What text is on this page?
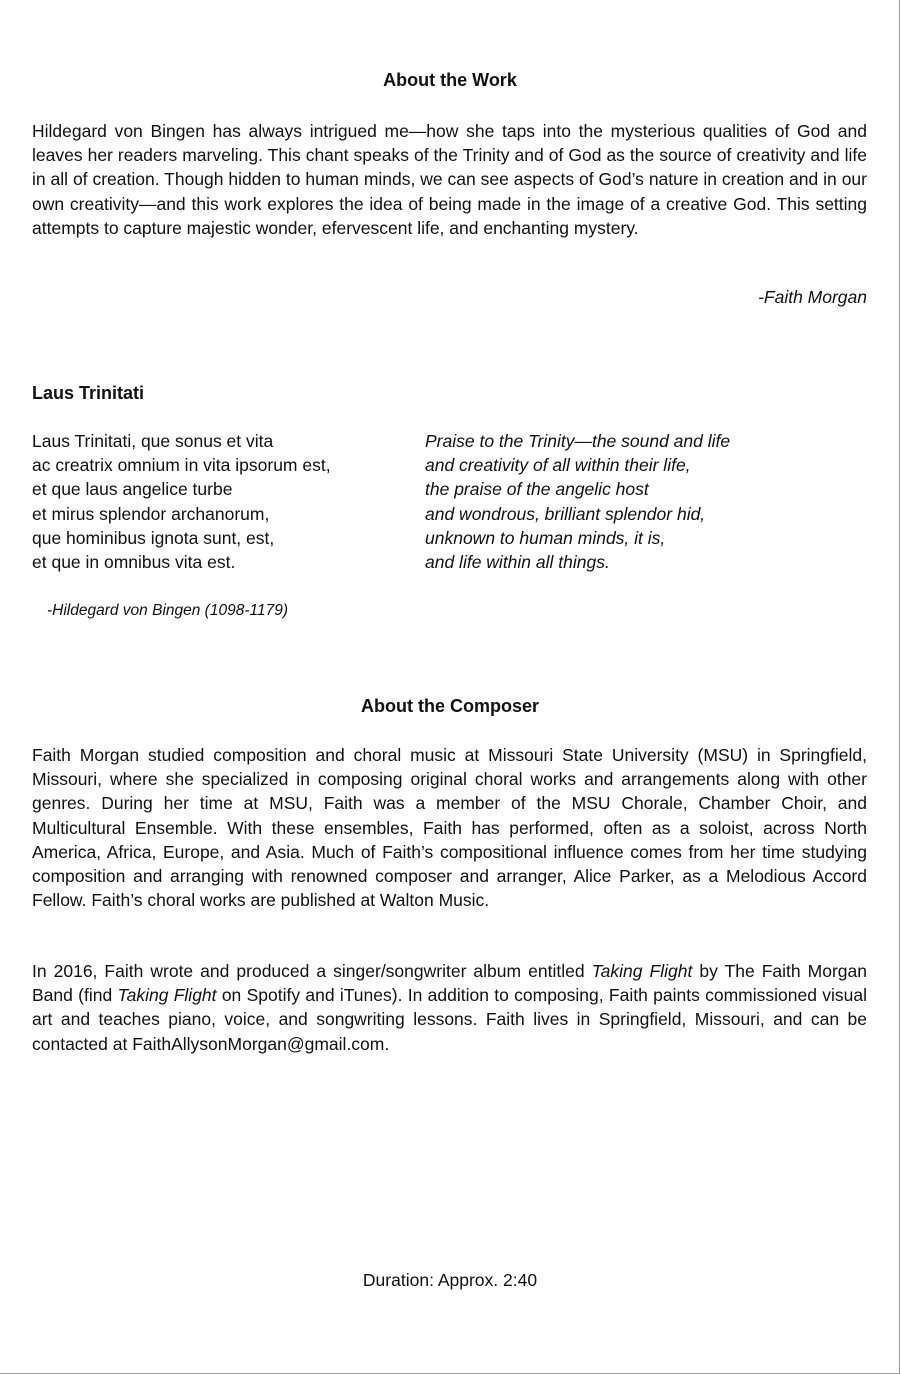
About the Work

Hildegard von Bingen has always intrigued me—how she taps into the mysterious qualities of God and leaves her readers marveling. This chant speaks of the Trinity and of God as the source of creativity and life in all of creation. Though hidden to human minds, we can see aspects of God’s nature in creation and in our own creativity—and this work explores the idea of being made in the image of a creative God. This setting attempts to capture majestic wonder, efervescent life, and enchanting mystery.

-Faith Morgan

Laus Trinitati
Laus Trinitati, que sonus et vita
ac creatrix omnium in vita ipsorum est,
et que laus angelice turbe
et mirus splendor archanorum,
que hominibus ignota sunt, est,
et que in omnibus vita est.
Praise to the Trinity—the sound and life
and creativity of all within their life,
the praise of the angelic host
and wondrous, brilliant splendor hid,
unknown to human minds, it is,
and life within all things.

-Hildegard von Bingen (1098-1179)

About the Composer

Faith Morgan studied composition and choral music at Missouri State University (MSU) in Springfield, Missouri, where she specialized in composing original choral works and arrangements along with other genres. During her time at MSU, Faith was a member of the MSU Chorale, Chamber Choir, and Multicultural Ensemble. With these ensembles, Faith has performed, often as a soloist, across North America, Africa, Europe, and Asia. Much of Faith’s compositional influence comes from her time studying composition and arranging with renowned composer and arranger, Alice Parker, as a Melodious Accord Fellow. Faith’s choral works are published at Walton Music.

In 2016, Faith wrote and produced a singer/songwriter album entitled Taking Flight by The Faith Morgan Band (find Taking Flight on Spotify and iTunes). In addition to composing, Faith paints commissioned visual art and teaches piano, voice, and songwriting lessons. Faith lives in Springfield, Missouri, and can be contacted at FaithAllysonMorgan@gmail.com.

Duration: Approx. 2:40
